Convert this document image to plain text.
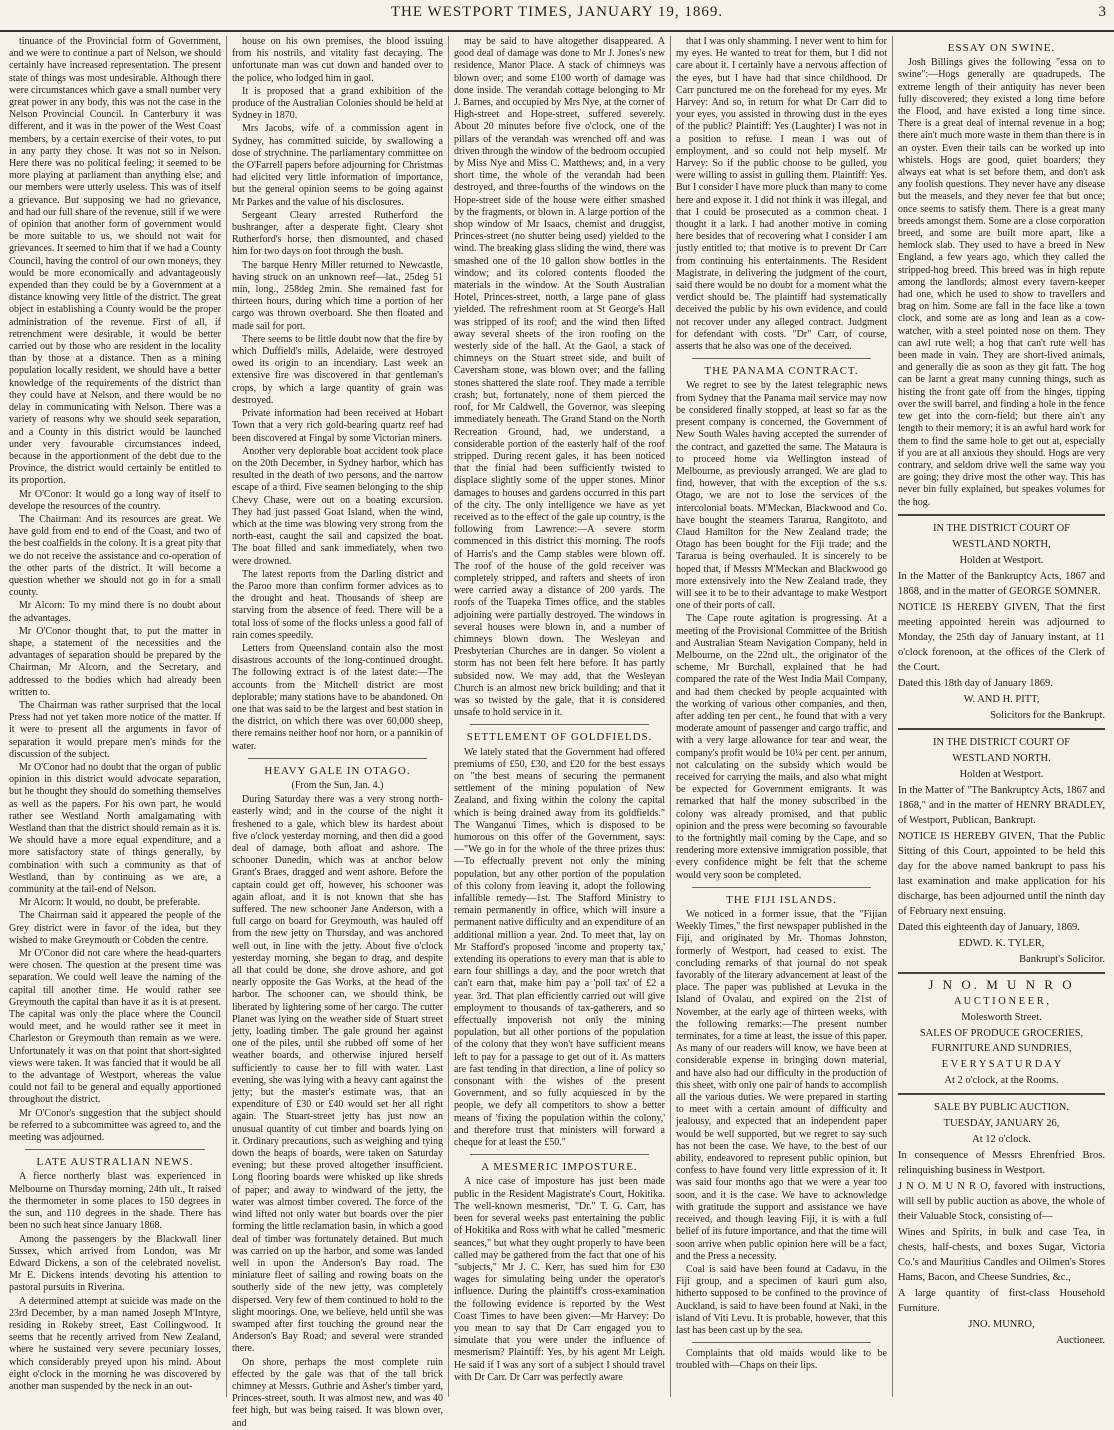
THE WESTPORT TIMES, JANUARY 19, 1869.	3

tinuance of the Provincial form of Government, and we were to continue a part of Nelson, we should certainly have increased representation. The present state of things was most undesirable. Although there were circumstances which gave a small number very great power in any body, this was not the case in the Nelson Provincial Council. In Canterbury it was different, and it was in the power of the West Coast members, by a certain exercise of their votes, to put in any party they chose. It was not so in Nelson. Here there was no political feeling; it seemed to be more playing at parliament than anything else; and our members were utterly useless. This was of itself a grievance. But supposing we had no grievance, and had our full share of the revenue, still if we were of opinion that another form of government would be more suitable to us, we should not wait for grievances. It seemed to him that if we had a County Council, having the control of our own moneys, they would be more economically and advantageously expended than they could be by a Government at a distance knowing very little of the district. The great object in establishing a County would be the proper administration of the revenue. First of all, if retrenchment were desirable, it would be better carried out by those who are resident in the locality than by those at a distance. Then as a mining population locally resident, we should have a better knowledge of the requirements of the district than they could have at Nelson, and there would be no delay in communicating with Nelson. There was a variety of reasons why we should seek separation, and a County in this district would be launched under very favourable circumstances indeed, because in the apportionment of the debt due to the Province, the district would certainly be entitled to its proportion.

Mr O'Conor: It would go a long way of itself to develope the resources of the country.

The Chairman: And its resources are great. We have gold from end to end of the Coast, and two of the best coalfields in the colony. It is a great pity that we do not receive the assistance and co-operation of the other parts of the district. It will become a question whether we should not go in for a small county.

Mr Alcorn: To my mind there is no doubt about the advantages.

Mr O'Conor thought that, to put the matter in shape, a statement of the necessities and the advantages of separation should be prepared by the Chairman, Mr Alcorn, and the Secretary, and addressed to the bodies which had already been written to.

The Chairman was rather surprised that the local Press had not yet taken more notice of the matter. If it were to present all the arguments in favor of separation it would prepare men's minds for the discussion of the subject.

Mr O'Conor had no doubt that the organ of public opinion in this district would advocate separation, but he thought they should do something themselves as well as the papers. For his own part, he would rather see Westland North amalgamating with Westland than that the district should remain as it is. We should have a more equal expenditure, and a more satisfactory state of things generally, by combination with such a community as that of Westland, than by continuing as we are, a community at the tail-end of Nelson.

Mr Alcorn: It would, no doubt, be preferable.

The Chairman said it appeared the people of the Grey district were in favor of the idea, but they wished to make Greymouth or Cobden the centre.

Mr O'Conor did not care where the head-quarters were chosen. The question at the present time was separation. We could well leave the naming of the capital till another time. He would rather see Greymouth the capital than have it as it is at present. The capital was only the place where the Council would meet, and he would rather see it meet in Charleston or Greymouth than remain as we were. Unfortunately it was on that point that short-sighted views were taken. It was fancied that it would be all to the advantage of Westport, whereas the value could not fail to be general and equally apportioned throughout the district.

Mr O'Conor's suggestion that the subject should be referred to a subcommittee was agreed to, and the meeting was adjourned.

LATE AUSTRALIAN NEWS.

A fierce northerly blast was experienced in Melbourne on Thursday morning, 24th ult., It raised the thermometer in some places to 150 degrees in the sun, and 110 degrees in the shade. There has been no such heat since January 1868.

Among the passengers by the Blackwall liner Sussex, which arrived from London, was Mr Edward Dickens, a son of the celebrated novelist. Mr E. Dickens intends devoting his attention to pastoral pursuits in Riverina.

A determined attempt at suicide was made on the 23rd December, by a man named Joseph M'Intyre, residing in Rokeby street, East Collingwood. It seems that he recently arrived from New Zealand, where he sustained very severe pecuniary losses, which considerably preyed upon his mind. About eight o'clock in the morning he was discovered by another man suspended by the neck in an out-

house on his own premises, the blood issuing from his nostrils, and vitality fast decaying. The unfortunate man was cut down and handed over to the police, who lodged him in gaol.

It is proposed that a grand exhibition of the produce of the Australian Colonies should be held at Sydney in 1870.

Mrs Jacobs, wife of a commission agent in Sydney, has committed suicide, by swallowing a dose of strychnine. The parliamentary committee on the O'Farrell papers before adjourning for Christmas had elicited very little information of importance, but the general opinion seems to be going against Mr Parkes and the value of his disclosures.

Sergeant Cleary arrested Rutherford the bushranger, after a desperate fight. Cleary shot Rutherford's horse, then dismounted, and chased him for two days on foot through the bush.

The barque Henry Miller returned to Newcastle, having struck on an unknown reef—lat., 25deg 51 min, long., 258deg 2min. She remained fast for thirteen hours, during which time a portion of her cargo was thrown overboard. She then floated and made sail for port.

There seems to be little doubt now that the fire by which Duffield's mills, Adelaide, were destroyed owed its origin to an incendiary. Last week an extensive fire was discovered in that gentleman's crops, by which a large quantity of grain was destroyed.

Private information had been received at Hobart Town that a very rich gold-bearing quartz reef had been discovered at Fingal by some Victorian miners.

Another very deplorable boat accident took place on the 20th December, in Sydney harbor, which has resulted in the death of two persons, and the narrow escape of a third. Five seamen belonging to the ship Chevy Chase, were out on a boating excursion. They had just passed Goat Island, when the wind, which at the time was blowing very strong from the north-east, caught the sail and capsized the boat. The boat filled and sank immediately, when two were drowned.

The latest reports from the Darling district and the Paroo more than confirm former advices as to the drought and heat. Thousands of sheep are starving from the absence of feed. There will be a total loss of some of the flocks unless a good fall of rain comes speedily.

Letters from Queensland contain also the most disastrous accounts of the long-continued drought. The following extract is of the latest date:—The accounts from the Mitchell district are most deplorable; many stations have to be abandoned. On one that was said to be the largest and best station in the district, on which there was over 60,000 sheep, there remains neither hoof nor horn, or a pannikin of water.

HEAVY GALE IN OTAGO.

(From the Sun, Jan. 4.)

During Saturday there was a very strong north-easterly wind; and in the course of the night it freshened to a gale, which blew its hardest about five o'clock yesterday morning, and then did a good deal of damage, both afloat and ashore. The schooner Dunedin, which was at anchor below Grant's Braes, dragged and went ashore. Before the captain could get off, however, his schooner was again afloat, and it is not known that she has suffered. The new schooner Jane Anderson, with a full cargo on board for Greymouth, was hauled off from the new jetty on Thursday, and was anchored well out, in line with the jetty. About five o'clock yesterday morning, she began to drag, and despite all that could be done, she drove ashore, and got nearly opposite the Gas Works, at the head of the harbor. The schooner can, we should think, be liberated by lightering some of her cargo. The cutter Planet was lying on the weather side of Stuart street jetty, loading timber. The gale ground her against one of the piles, until she rubbed off some of her weather boards, and otherwise injured herself sufficiently to cause her to fill with water. Last evening, she was lying with a heavy cant against the jetty; but the master's estimate was, that an expenditure of £30 or £40 would set her all right again. The Stuart-street jetty has just now an unusual quantity of cut timber and boards lying on it. Ordinary precautions, such as weighing and tying down the heaps of boards, were taken on Saturday evening; but these proved altogether insufficient. Long flooring boards were whisked up like shreds of paper; and away to windward of the jetty, the water was almost timber covered. The force of the wind lifted not only water but boards over the pier forming the little reclamation basin, in which a good deal of timber was fortunately detained. But much was carried on up the harbor, and some was landed well in upon the Anderson's Bay road. The miniature fleet of sailing and rowing boats on the southerly side of the new jetty, was completely dispersed. Very few of them continued to hold to the slight moorings. One, we believe, held until she was swamped after first touching the ground near the Anderson's Bay Road; and several were stranded there.

On shore, perhaps the most complete ruin effected by the gale was that of the tall brick chimney at Messrs. Guthrie and Asher's timber yard, Princes-street, south. It was almost new, and was 40 feet high, but was being raised. It was blown over, and

may be said to have altogether disappeared. A good deal of damage was done to Mr J. Jones's new residence, Manor Place. A stack of chimneys was blown over; and some £100 worth of damage was done inside. The verandah cottage belonging to Mr J. Barnes, and occupied by Mrs Nye, at the corner of High-street and Hope-street, suffered severely. About 20 minutes before five o'clock, one of the pillars of the verandah was wrenched off and was driven through the window of the bedroom occupied by Miss Nye and Miss C. Matthews; and, in a very short time, the whole of the verandah had been destroyed, and three-fourths of the windows on the Hope-street side of the house were either smashed by the fragments, or blown in. A large portion of the shop window of Mr Isaacs, chemist and druggist, Princes-street (no shutter being used) yielded to the wind. The breaking glass sliding the wind, there was smashed one of the 10 gallon show bottles in the window; and its colored contents flooded the materials in the window. At the South Australian Hotel, Princes-street, north, a large pane of glass yielded. The refreshment room at St George's Hall was stripped of its roof; and the wind then lifted away several sheets of the iron roofing on the westerly side of the hall. At the Gaol, a stack of chimneys on the Stuart street side, and built of Caversham stone, was blown over; and the falling stones shattered the slate roof. They made a terrible crash; but, fortunately, none of them pierced the roof, for Mr Caldwell, the Governor, was sleeping immediately beneath. The Grand Stand on the North Recreation Ground, had, we understand, a considerable portion of the easterly half of the roof stripped. During recent gales, it has been noticed that the finial had been sufficiently twisted to displace slightly some of the upper stones. Minor damages to houses and gardens occurred in this part of the city. The only intelligence we have as yet received as to the effect of the gale up country, is the following from Lawrence:—A severe storm commenced in this district this morning. The roofs of Harris's and the Camp stables were blown off. The roof of the house of the gold receiver was completely stripped, and rafters and sheets of iron were carried away a distance of 200 yards. The roofs of the Tuapeka Times office, and the stables adjoining were partially destroyed. The windows in several houses were blown in, and a number of chimneys blown down. The Wesleyan and Presbyterian Churches are in danger. So violent a storm has not been felt here before. It has partly subsided now. We may add, that the Wesleyan Church is an almost new brick building; and that it was so twisted by the gale, that it is considered unsafe to hold service in it.

SETTLEMENT OF GOLDFIELDS.

We lately stated that the Government had offered premiums of £50, £30, and £20 for the best essays on "the best means of securing the permanent settlement of the mining population of New Zealand, and fixing within the colony the capital which is being drained away from its goldfields." The Wanganui Times, which is disposed to be humorous on this offer of the Government, says:—"We go in for the whole of the three prizes thus:—To effectually prevent not only the mining population, but any other portion of the population of this colony from leaving it, adopt the following infallible remedy—1st. The Stafford Ministry to remain permanently in office, which will insure a permanent native difficulty and an expenditure of an additional million a year. 2nd. To meet that, lay on Mr Stafford's proposed 'income and property tax,' extending its operations to every man that is able to earn four shillings a day, and the poor wretch that can't earn that, make him pay a 'poll tax' of £2 a year. 3rd. That plan efficiently carried out will give employment to thousands of tax-gatherers, and so effectually impoverish not only the mining population, but all other portions of the population of the colony that they won't have sufficient means left to pay for a passage to get out of it. As matters are fast tending in that direction, a line of policy so consonant with the wishes of the present Government, and so fully acquiesced in by the people, we defy all competitors to show a better means of 'fixing the population within the colony,' and therefore trust that ministers will forward a cheque for at least the £50."

A MESMERIC IMPOSTURE.

A nice case of imposture has just been made public in the Resident Magistrate's Court, Hokitika. The well-known mesmerist, "Dr." T. G. Carr, has been for several weeks past entertaining the public of Hokitika and Ross with what he called "mesmeric seances," but what they ought properly to have been called may be gathered from the fact that one of his "subjects," Mr J. C. Kerr, has sued him for £30 wages for simulating being under the operator's influence. During the plaintiff's cross-examination the following evidence is reported by the West Coast Times to have been given:—Mr Harvey: Do you mean to say that Dr Carr engaged you to simulate that you were under the influence of mesmerism? Plaintiff: Yes, by his agent Mr Leigh. He said if I was any sort of a subject I should travel with Dr Carr. Dr Carr was perfectly aware

that I was only shamming. I never went to him for my eyes. He wanted to treat for them, but I did not care about it. I certainly have a nervous affection of the eyes, but I have had that since childhood. Dr Carr punctured me on the forehead for my eyes. Mr Harvey: And so, in return for what Dr Carr did to your eyes, you assisted in throwing dust in the eyes of the public? Plaintiff: Yes (Laughter) I was not in a position to refuse. I mean I was out of employment, and so could not help myself. Mr Harvey: So if the public choose to be gulled, you were willing to assist in gulling them. Plaintiff: Yes. But I consider I have more pluck than many to come here and expose it. I did not think it was illegal, and that I could be prosecuted as a common cheat. I thought it a lark. I had another motive in coming here besides that of recovering what I consider I am justly entitled to; that motive is to prevent Dr Carr from continuing his entertainments. The Resident Magistrate, in delivering the judgment of the court, said there would be no doubt for a moment what the verdict should be. The plaintiff had systematically deceived the public by his own evidence, and could not recover under any alleged contract. Judgment for defendant with costs. "Dr" Carr, of course, asserts that he also was one of the deceived.

THE PANAMA CONTRACT.

We regret to see by the latest telegraphic news from Sydney that the Panama mail service may now be considered finally stopped, at least so far as the present company is concerned, the Government of New South Wales having accepted the surrender of the contract, and gazetted the same. The Mataura is to proceed home via Wellington instead of Melbourne, as previously arranged. We are glad to find, however, that with the exception of the s.s. Otago, we are not to lose the services of the intercolonial boats. M'Meckan, Blackwood and Co. have bought the steamers Tararua, Rangitoto, and Claud Hamilton for the New Zealand trade; the Otago has been bought for the Fiji trade; and the Tararua is being overhauled. It is sincerely to be hoped that, if Messrs M'Meckan and Blackwood go more extensively into the New Zealand trade, they will see it to be to their advantage to make Westport one of their ports of call.

The Cape route agitation is progressing. At a meeting of the Provisional Committee of the British and Australian Steam Navigation Company, held in Melbourne, on the 22nd ult., the originator of the scheme, Mr Burchall, explained that he had compared the rate of the West India Mail Company, and had them checked by people acquainted with the working of various other companies, and then, after adding ten per cent., he found that with a very moderate amount of passenger and cargo traffic, and with a very large allowance for tear and wear, the company's profit would be 10¼ per cent. per annum, not calculating on the subsidy which would be received for carrying the mails, and also what might be expected for Government emigrants. It was remarked that half the money subscribed in the colony was already promised, and that public opinion and the press were becoming so favourable to the fortnightly mail coming by the Cape, and so rendering more extensive immigration possible, that every confidence might be felt that the scheme would very soon be completed.

THE FIJI ISLANDS.

We noticed in a former issue, that the "Fijian Weekly Times," the first newspaper published in the Fiji, and originated by Mr. Thomas Johnston, formerly of Westport, had ceased to exist. The concluding remarks of that journal do not speak favorably of the literary advancement at least of the place. The paper was published at Levuka in the Island of Ovalau, and expired on the 21st of November, at the early age of thirteen weeks, with the following remarks:—The present number terminates, for a time at least, the issue of this paper. As many of our readers will know, we have been at considerable expense in bringing down material, and have also had our difficulty in the production of this sheet, with only one pair of hands to accomplish all the various duties. We were prepared in starting to meet with a certain amount of difficulty and jealousy, and expected that an independent paper would be well supported, but we regret to say such has not been the case. We have, to the best of our ability, endeavored to represent public opinion, but confess to have found very little expression of it. It was said four months ago that we were a year too soon, and it is the case. We have to acknowledge with gratitude the support and assistance we have received, and though leaving Fiji, it is with a full belief of its future importance, and that the time will soon arrive when public opinion here will be a fact, and the Press a necessity.

Coal is said have been found at Cadavu, in the Fiji group, and a specimen of kauri gum also, hitherto supposed to be confined to the province of Auckland, is said to have been found at Naki, in the island of Viti Levu. It is probable, however, that this last has been cast up by the sea.

Complaints that old maids would like to be troubled with—Chaps on their lips.

ESSAY ON SWINE.

Josh Billings gives the following "essa on to swine":—Hogs generally are quadrupeds. The extreme length of their antiquity has never been fully discovered; they existed a long time before the Flood, and have existed a long time since. There is a great deal of internal revenue in a hog; there ain't much more waste in them than there is in an oyster. Even their tails can be worked up into whistels. Hogs are good, quiet boarders; they always eat what is set before them, and don't ask any foolish questions. They never have any disease but the measels, and they never fee that but once; once seems to satisfy them. There is a great many breeds amongst them. Some are a close corporation breed, and some are built more apart, like a hemlock slab. They used to have a breed in New England, a few years ago, which they called the stripped-hog breed. This breed was in high repute among the landlords; almost every tavern-keeper had one, which he used to show to travellers and brag on him. Some are fall in the face like a town clock, and some are as long and lean as a cow-watcher, with a steel pointed nose on them. They can awl rute well; a hog that can't rute well has been made in vain. They are short-lived animals, and generally die as soon as they git fatt. The hog can be larnt a great many cunning things, such as histing the front gate off from the hinges, tipping over the swill barrel, and finding a hole in the fence tew get into the corn-field; but there ain't any length to their memory; it is an awful hard work for them to find the same hole to get out at, especially if you are at all anxious they should. Hogs are very contrary, and seldom drive well the same way you are going; they drive most the other way. This has never bin fully explained, but speakes volumes for the hog.

IN THE DISTRICT COURT OF

WESTLAND NORTH,

Holden at Westport.

In the Matter of the Bankruptcy Acts, 1867 and 1868, and in the matter of GEORGE SOMNER.

NOTICE IS HEREBY GIVEN, That the first meeting appointed herein was adjourned to Monday, the 25th day of January instant, at 11 o'clock forenoon, at the offices of the Clerk of the Court.

Dated this 18th day of January 1869.

W. AND H. PITT,

Solicitors for the Bankrupt.

IN THE DISTRICT COURT OF

WESTLAND NORTH.

Holden at Westport.

In the Matter of "The Bankruptcy Acts, 1867 and 1868," and in the matter of HENRY BRADLEY, of Westport, Publican, Bankrupt.

NOTICE IS HEREBY GIVEN, That the Public Sitting of this Court, appointed to be held this day for the above named bankrupt to pass his last examination and make application for his discharge, has been adjourned until the ninth day of February next ensuing.

Dated this eighteenth day of January, 1869.

EDWD. K. TYLER,

Bankrupt's Solicitor.

J N O. M U N R O

A U C T I O N E E R ,

Molesworth Street.

SALES OF PRODUCE GROCERIES, FURNITURE AND SUNDRIES,

E V E R Y S A T U R D A Y

At 2 o'clock, at the Rooms.

SALE BY PUBLIC AUCTION.

TUESDAY, JANUARY 26,

At 12 o'clock.

In consequence of Messrs Ehrenfried Bros. relinquishing business in Westport.

J N O. M U N R O, favored with instructions, will sell by public auction as above, the whole of their Valuable Stock, consisting of—

Wines and Spirits, in bulk and case Tea, in chests, half-chests, and boxes Sugar, Victoria Co.'s and Mauritius Candles and Oilmen's Stores Hams, Bacon, and Cheese Sundries, &c.,

A large quantity of first-class Household Furniture.

JNO. MUNRO,

Auctioneer.
